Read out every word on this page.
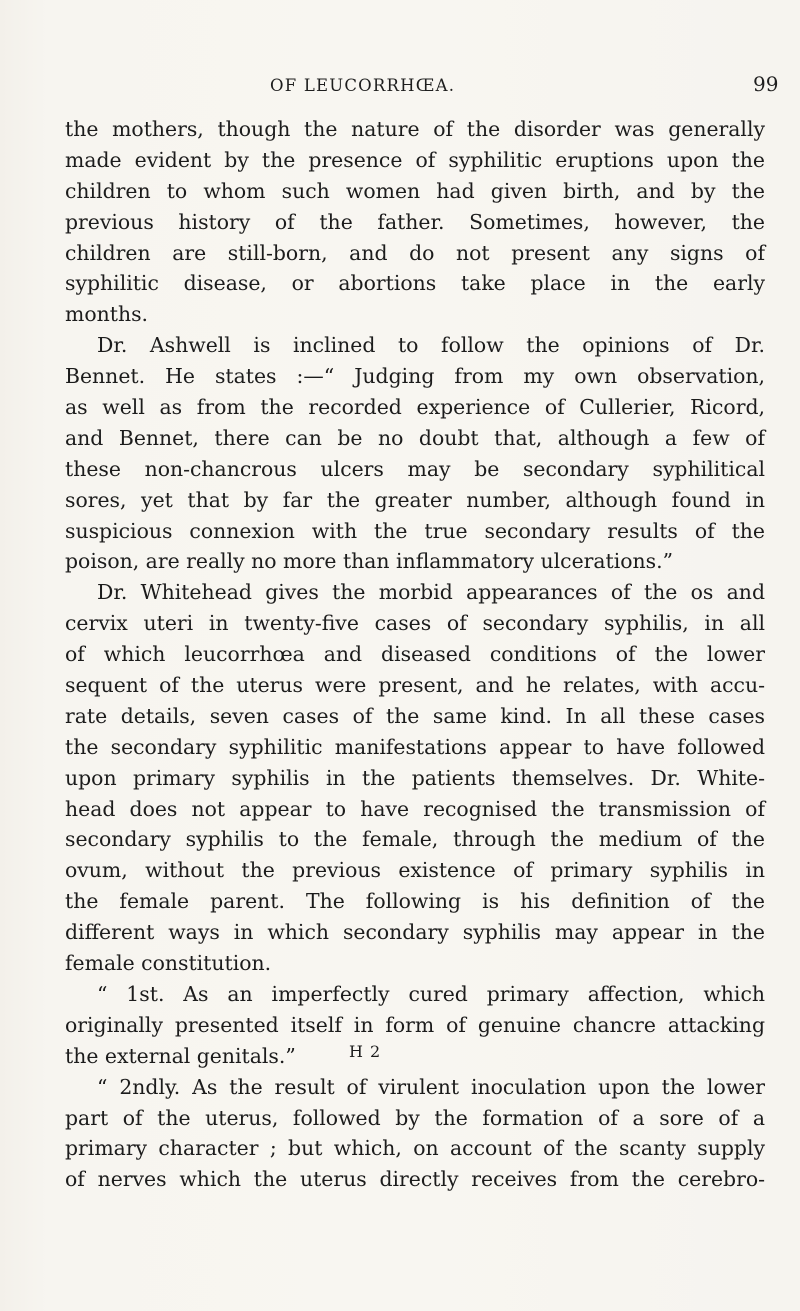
OF LEUCORRHŒA.	99
the mothers, though the nature of the disorder was generally
made evident by the presence of syphilitic eruptions upon the
children to whom such women had given birth, and by the
previous history of the father. Sometimes, however, the
children are still-born, and do not present any signs of
syphilitic disease, or abortions take place in the early
months.
Dr. Ashwell is inclined to follow the opinions of Dr.
Bennet. He states :—“ Judging from my own observation,
as well as from the recorded experience of Cullerier, Ricord,
and Bennet, there can be no doubt that, although a few of
these non-chancrous ulcers may be secondary syphilitical
sores, yet that by far the greater number, although found in
suspicious connexion with the true secondary results of the
poison, are really no more than inflammatory ulcerations.”
Dr. Whitehead gives the morbid appearances of the os and
cervix uteri in twenty-five cases of secondary syphilis, in all
of which leucorrhœa and diseased conditions of the lower
sequent of the uterus were present, and he relates, with accu-
rate details, seven cases of the same kind. In all these cases
the secondary syphilitic manifestations appear to have followed
upon primary syphilis in the patients themselves. Dr. White-
head does not appear to have recognised the transmission of
secondary syphilis to the female, through the medium of the
ovum, without the previous existence of primary syphilis in
the female parent. The following is his definition of the
different ways in which secondary syphilis may appear in the
female constitution.
“ 1st. As an imperfectly cured primary affection, which
originally presented itself in form of genuine chancre attacking
the external genitals.”
“ 2ndly. As the result of virulent inoculation upon the lower
part of the uterus, followed by the formation of a sore of a
primary character ; but which, on account of the scanty supply
of nerves which the uterus directly receives from the cerebro-
H 2
